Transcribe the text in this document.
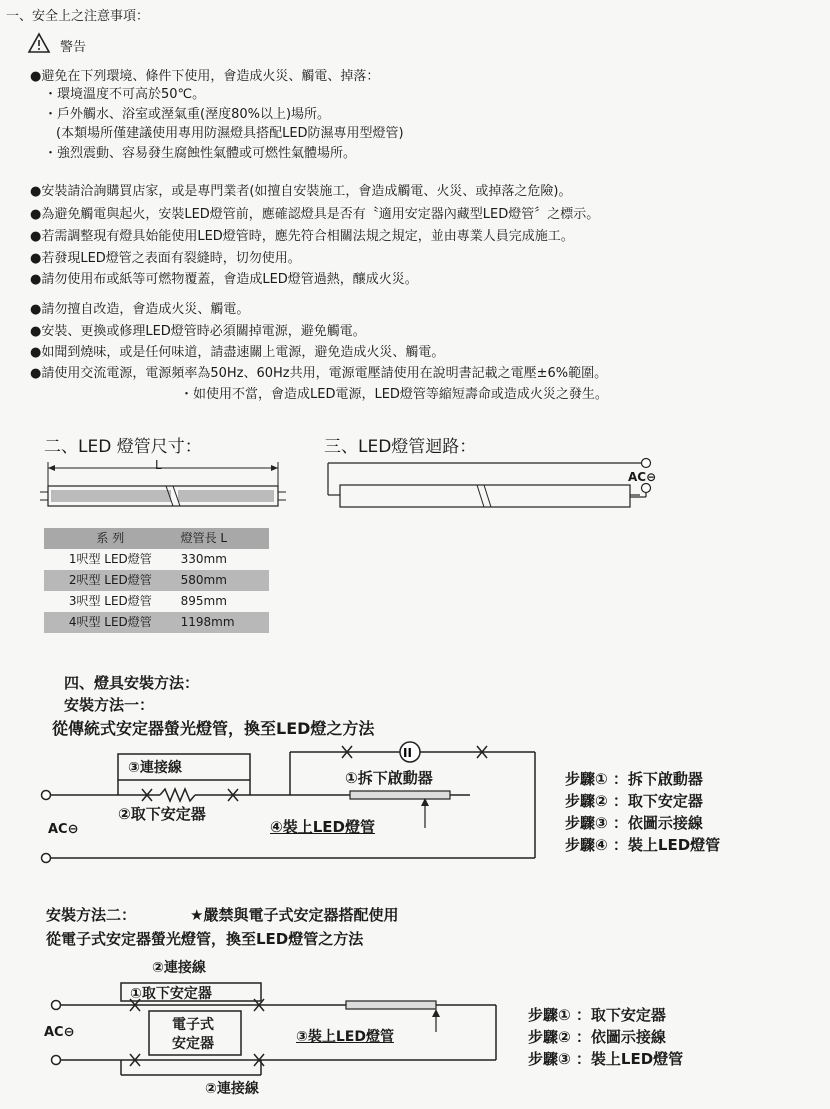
一、安全上之注意事項：
警告
●避免在下列環境、條件下使用，會造成火災、觸電、掉落：
・環境溫度不可高於50℃。
・戶外觸水、浴室或溼氣重(溼度80%以上)場所。
(本類場所僅建議使用專用防濕燈具搭配LED防濕專用型燈管)
・強烈震動、容易發生腐蝕性氣體或可燃性氣體場所。
●安裝請洽詢購買店家，或是專門業者(如擅自安裝施工，會造成觸電、火災、或掉落之危險)。
●為避免觸電與起火，安裝LED燈管前，應確認燈具是否有〝適用安定器內藏型LED燈管〞之標示。
●若需調整現有燈具始能使用LED燈管時，應先符合相關法規之規定，並由專業人員完成施工。
●若發現LED燈管之表面有裂縫時，切勿使用。
●請勿使用布或紙等可燃物覆蓋，會造成LED燈管過熱，釀成火災。
●請勿擅自改造，會造成火災、觸電。
●安裝、更換或修理LED燈管時必須關掉電源，避免觸電。
●如聞到燒味，或是任何味道，請盡速關上電源，避免造成火災、觸電。
●請使用交流電源，電源頻率為50Hz、60Hz共用，電源電壓請使用在說明書記載之電壓±6%範圍。
・如使用不當，會造成LED電源，LED燈管等縮短壽命或造成火災之發生。
二、LED 燈管尺寸：
L
系 列	燈管長 L
1呎型 LED燈管	330mm
2呎型 LED燈管	580mm
3呎型 LED燈管	895mm
4呎型 LED燈管	1198mm
三、LED燈管迴路：
AC⊖
四、燈具安裝方法：
安裝方法一：
從傳統式安定器螢光燈管，換至LED燈之方法
II
③連接線
①拆下啟動器
②取下安定器
④裝上LED燈管
AC⊖
步驟① ：拆下啟動器
步驟② ：取下安定器
步驟③ ：依圖示接線
步驟④ ：裝上LED燈管
安裝方法二：	★嚴禁與電子式安定器搭配使用
從電子式安定器螢光燈管，換至LED燈管之方法
②連接線
①取下安定器
電子式
安定器	③裝上LED燈管
②連接線
AC⊖
步驟① ：取下安定器
步驟② ：依圖示接線
步驟③ ：裝上LED燈管
